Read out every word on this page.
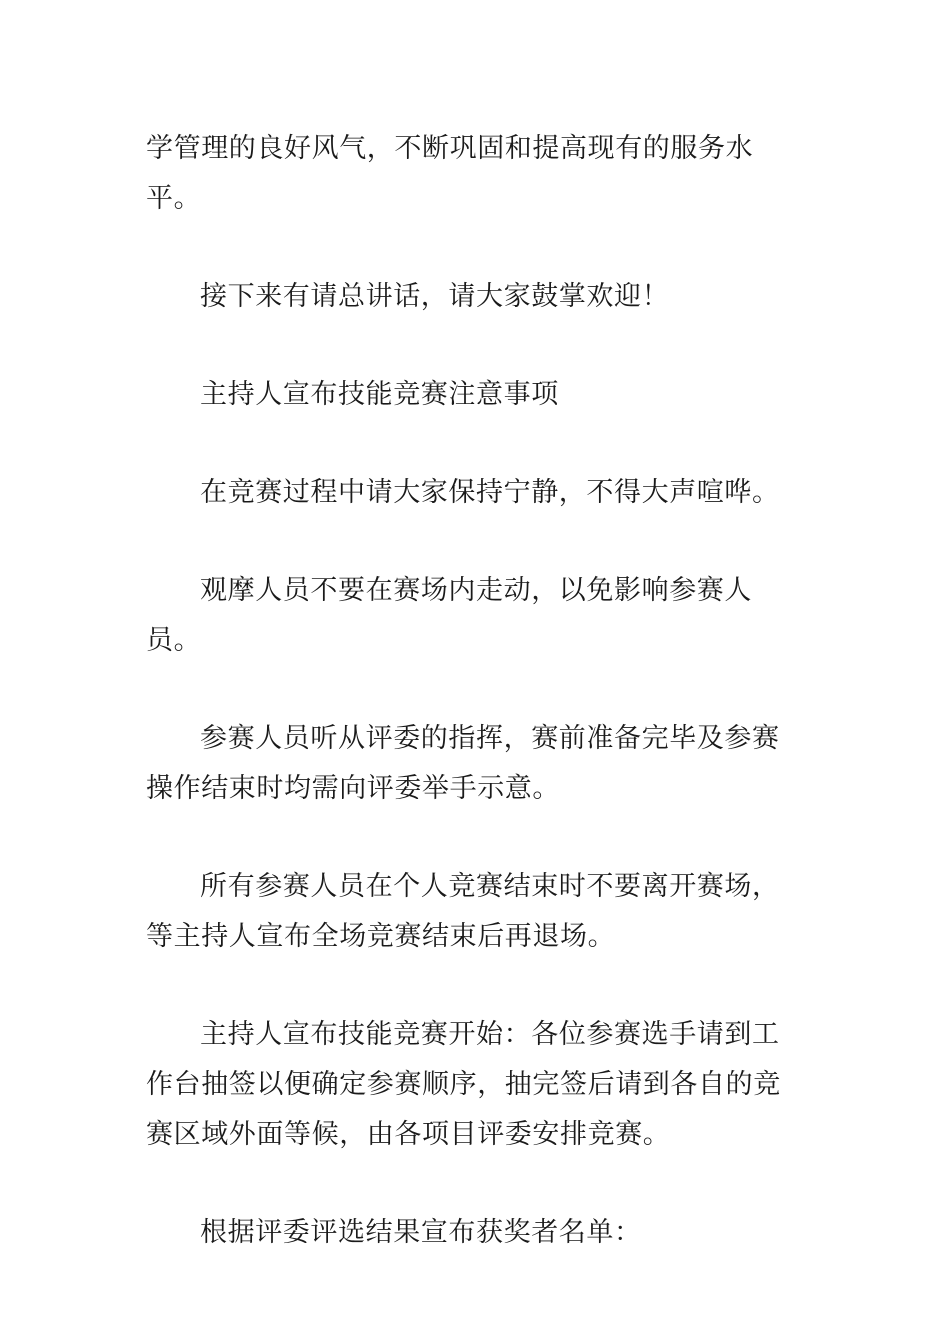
学管理的良好风气，不断巩固和提高现有的服务水平。

接下来有请总讲话，请大家鼓掌欢迎！

主持人宣布技能竞赛注意事项

在竞赛过程中请大家保持宁静，不得大声喧哗。

观摩人员不要在赛场内走动，以免影响参赛人员。

参赛人员听从评委的指挥，赛前准备完毕及参赛操作结束时均需向评委举手示意。

所有参赛人员在个人竞赛结束时不要离开赛场，等主持人宣布全场竞赛结束后再退场。

主持人宣布技能竞赛开始：各位参赛选手请到工作台抽签以便确定参赛顺序，抽完签后请到各自的竞赛区域外面等候，由各项目评委安排竞赛。

根据评委评选结果宣布获奖者名单：
